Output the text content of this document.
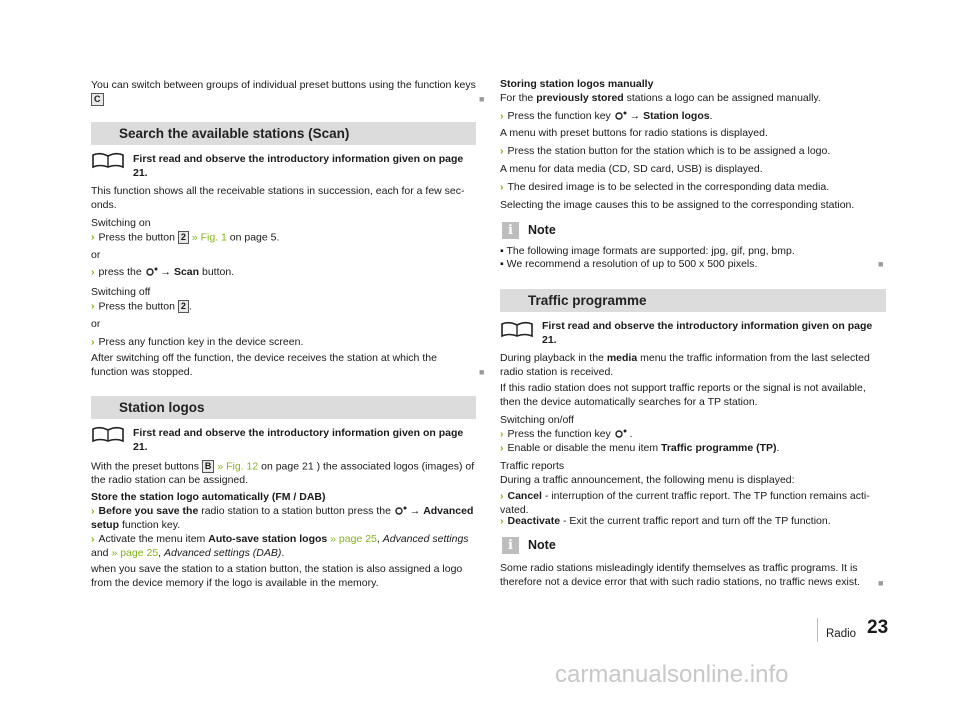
You can switch between groups of individual preset buttons using the function keys C	■
Search the available stations (Scan)

First read and observe the introductory information given on page 21.

This function shows all the receivable stations in succession, each for a few sec-onds.

Switching on

› Press the button 2 » Fig. 1 on page 5.

or

› press the → Scan button.

Switching off

› Press the button 2 .

or

› Press any function key in the device screen.

After switching off the function, the device receives the station at which the function was stopped.	■
Station logos

First read and observe the introductory information given on page 21.

With the preset buttons B » Fig. 12 on page 21 ) the associated logos (images) of the radio station can be assigned.

Store the station logo automatically (FM / DAB)

› Before you save the radio station to a station button press the → Advanced setup function key.

› Activate the menu item Auto-save station logos » page 25, Advanced settings and » page 25, Advanced settings (DAB).

when you save the station to a station button, the station is also assigned a logo from the device memory if the logo is available in the memory.

Storing station logos manually

For the previously stored stations a logo can be assigned manually.

› Press the function key → Station logos.

A menu with preset buttons for radio stations is displayed.

› Press the station button for the station which is to be assigned a logo.

A menu for data media (CD, SD card, USB) is displayed.

› The desired image is to be selected in the corresponding data media.

Selecting the image causes this to be assigned to the corresponding station.

i	Note

▪ The following image formats are supported: jpg, gif, png, bmp.

▪ We recommend a resolution of up to 500 x 500 pixels.	■
Traffic programme

First read and observe the introductory information given on page 21.

During playback in the media menu the traffic information from the last selected radio station is received.

If this radio station does not support traffic reports or the signal is not available, then the device automatically searches for a TP station.

Switching on/off

› Press the function key .

› Enable or disable the menu item Traffic programme (TP).

Traffic reports

During a traffic announcement, the following menu is displayed:

› Cancel - interruption of the current traffic report. The TP function remains acti-vated.

› Deactivate - Exit the current traffic report and turn off the TP function.

i	Note

Some radio stations misleadingly identify themselves as traffic programs. It is therefore not a device error that with such radio stations, no traffic news exist.	■
Radio 23
carmanualsonline.info
